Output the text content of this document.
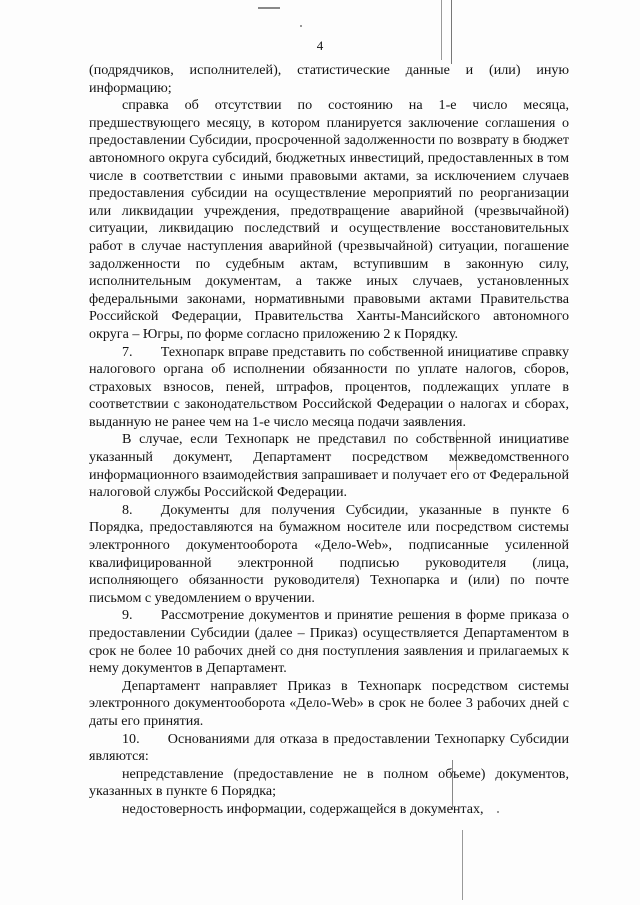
4

(подрядчиков, исполнителей), статистические данные и (или) иную информацию;

справка об отсутствии по состоянию на 1-е число месяца, предшествующего месяцу, в котором планируется заключение соглашения о предоставлении Субсидии, просроченной задолженности по возврату в бюджет автономного округа субсидий, бюджетных инвестиций, предоставленных в том числе в соответствии с иными правовыми актами, за исключением случаев предоставления субсидии на осуществление мероприятий по реорганизации или ликвидации учреждения, предотвращение аварийной (чрезвычайной) ситуации, ликвидацию последствий и осуществление восстановительных работ в случае наступления аварийной (чрезвычайной) ситуации, погашение задолженности по судебным актам, вступившим в законную силу, исполнительным документам, а также иных случаев, установленных федеральными законами, нормативными правовыми актами Правительства Российской Федерации, Правительства Ханты-Мансийского автономного округа – Югры, по форме согласно приложению 2 к Порядку.

7.  Технопарк вправе представить по собственной инициативе справку налогового органа об исполнении обязанности по уплате налогов, сборов, страховых взносов, пеней, штрафов, процентов, подлежащих уплате в соответствии с законодательством Российской Федерации о налогах и сборах, выданную не ранее чем на 1-е число месяца подачи заявления.

В случае, если Технопарк не представил по собственной инициативе указанный документ, Департамент посредством межведомственного информационного взаимодействия запрашивает и получает его от Федеральной налоговой службы Российской Федерации.

8.  Документы для получения Субсидии, указанные в пункте 6 Порядка, предоставляются на бумажном носителе или посредством системы электронного документооборота «Дело-Web», подписанные усиленной квалифицированной электронной подписью руководителя (лица, исполняющего обязанности руководителя) Технопарка и (или) по почте письмом с уведомлением о вручении.

9.  Рассмотрение документов и принятие решения в форме приказа о предоставлении Субсидии (далее – Приказ) осуществляется Департаментом в срок не более 10 рабочих дней со дня поступления заявления и прилагаемых к нему документов в Департамент.

Департамент направляет Приказ в Технопарк посредством системы электронного документооборота «Дело-Web» в срок не более 3 рабочих дней с даты его принятия.

10.  Основаниями для отказа в предоставлении Технопарку Субсидии являются:

непредставление (предоставление не в полном объеме) документов, указанных в пункте 6 Порядка;

недостоверность информации, содержащейся в документах,
